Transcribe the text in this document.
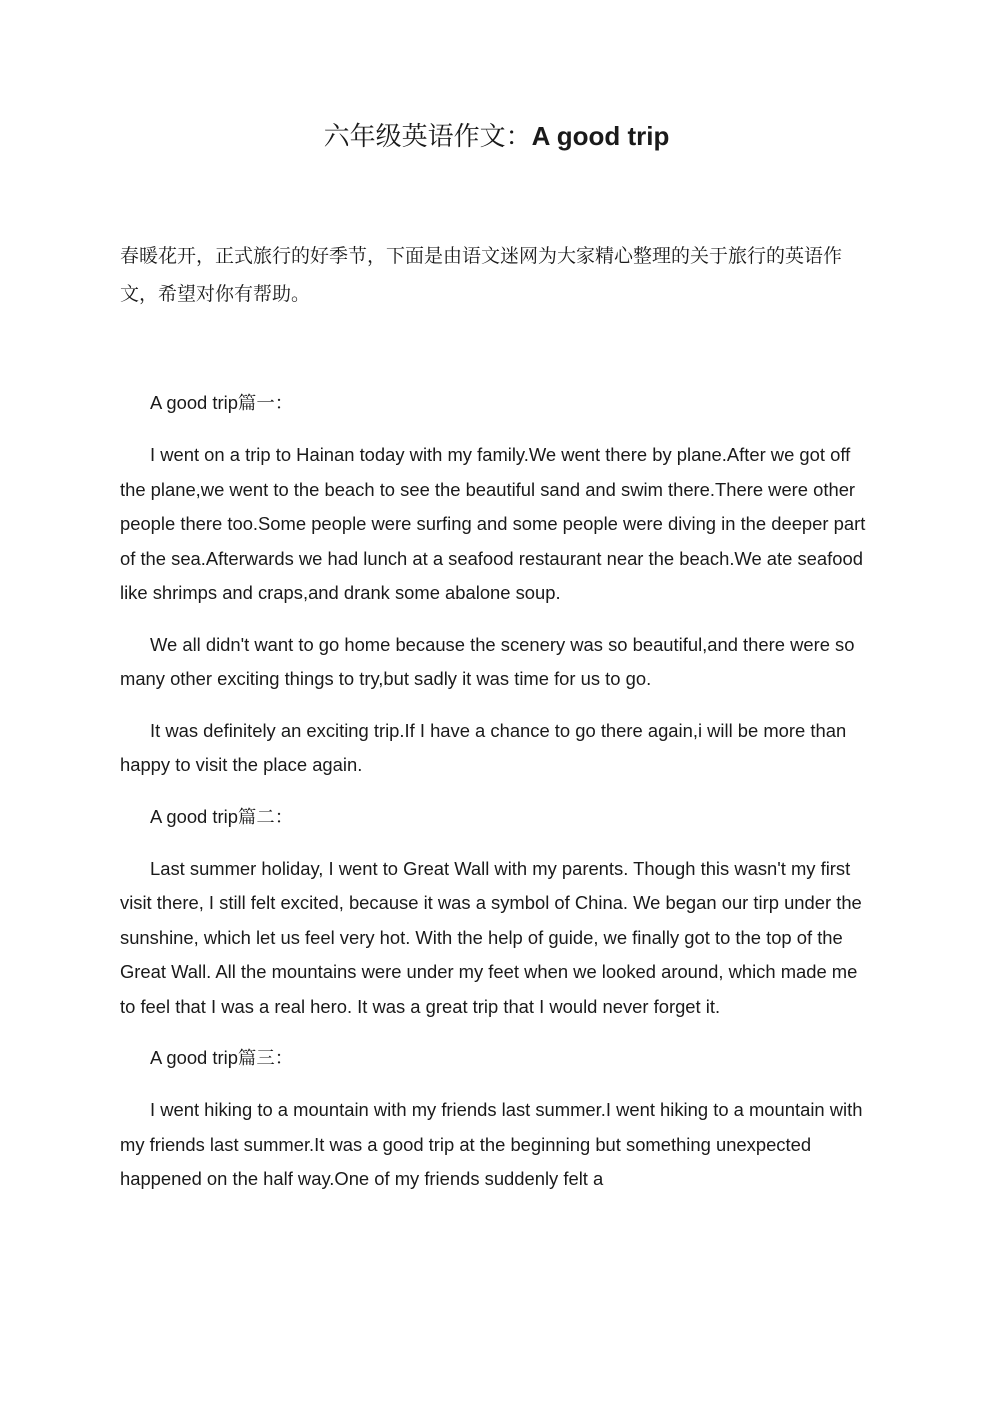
六年级英语作文：A good trip

春暖花开，正式旅行的好季节，下面是由语文迷网为大家精心整理的关于旅行的英语作文，希望对你有帮助。

A good trip篇一：

I went on a trip to Hainan today with my family.We went there by plane.After we got off the plane,we went to the beach to see the beautiful sand and swim there.There were other people there too.Some people were surfing and some people were diving in the deeper part of the sea.Afterwards we had lunch at a seafood restaurant near the beach.We ate seafood like shrimps and craps,and drank some abalone soup.

We all didn't want to go home because the scenery was so beautiful,and there were so many other exciting things to try,but sadly it was time for us to go.

It was definitely an exciting trip.If I have a chance to go there again,i will be more than happy to visit the place again.

A good trip篇二：

Last summer holiday, I went to Great Wall with my parents. Though this wasn't my first visit there, I still felt excited, because it was a symbol of China. We began our tirp under the sunshine, which let us feel very hot. With the help of guide, we finally got to the top of the Great Wall. All the mountains were under my feet when we looked around, which made me to feel that I was a real hero. It was a great trip that I would never forget it.

A good trip篇三：

I went hiking to a mountain with my friends last summer.I went hiking to a mountain with my friends last summer.It was a good trip at the beginning but something unexpected happened on the half way.One of my friends suddenly felt a
